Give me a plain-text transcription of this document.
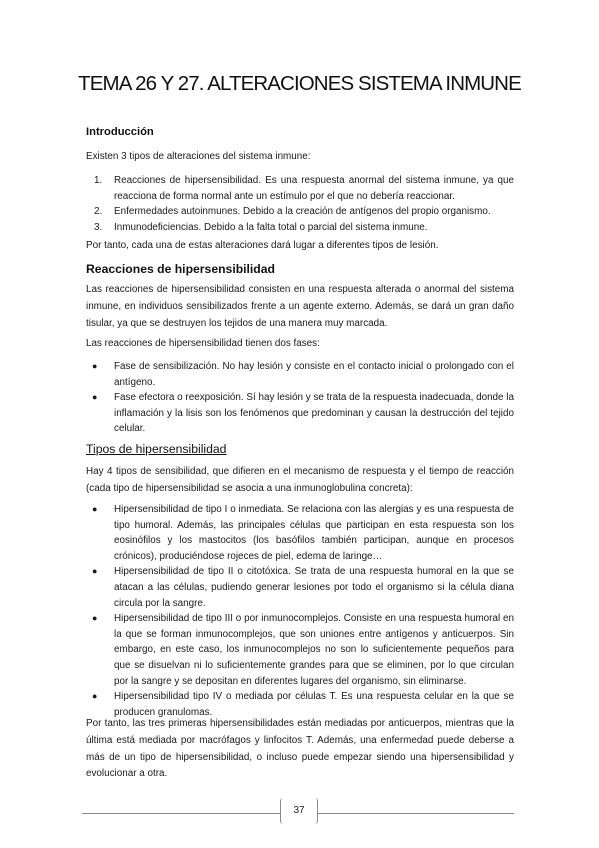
TEMA 26 Y 27. ALTERACIONES SISTEMA INMUNE
Introducción
Existen 3 tipos de alteraciones del sistema inmune:
1. Reacciones de hipersensibilidad. Es una respuesta anormal del sistema inmune, ya que reacciona de forma normal ante un estímulo por el que no debería reaccionar.
2. Enfermedades autoinmunes. Debido a la creación de antígenos del propio organismo.
3. Inmunodeficiencias. Debido a la falta total o parcial del sistema inmune.
Por tanto, cada una de estas alteraciones dará lugar a diferentes tipos de lesión.
Reacciones de hipersensibilidad
Las reacciones de hipersensibilidad consisten en una respuesta alterada o anormal del sistema inmune, en individuos sensibilizados frente a un agente externo. Además, se dará un gran daño tisular, ya que se destruyen los tejidos de una manera muy marcada.
Las reacciones de hipersensibilidad tienen dos fases:
● Fase de sensibilización. No hay lesión y consiste en el contacto inicial o prolongado con el antígeno.
● Fase efectora o reexposición. Sí hay lesión y se trata de la respuesta inadecuada, donde la inflamación y la lisis son los fenómenos que predominan y causan la destrucción del tejido celular.
Tipos de hipersensibilidad
Hay 4 tipos de sensibilidad, que difieren en el mecanismo de respuesta y el tiempo de reacción (cada tipo de hipersensibilidad se asocia a una inmunoglobulina concreta):
● Hipersensibilidad de tipo I o inmediata. Se relaciona con las alergias y es una respuesta de tipo humoral. Además, las principales células que participan en esta respuesta son los eosinófilos y los mastocitos (los basófilos también participan, aunque en procesos crónicos), produciéndose rojeces de piel, edema de laringe…
● Hipersensibilidad de tipo II o citotóxica. Se trata de una respuesta humoral en la que se atacan a las células, pudiendo generar lesiones por todo el organismo si la célula diana circula por la sangre.
● Hipersensibilidad de tipo III o por inmunocomplejos. Consiste en una respuesta humoral en la que se forman inmunocomplejos, que son uniones entre antígenos y anticuerpos. Sin embargo, en este caso, los inmunocomplejos no son lo suficientemente pequeños para que se disuelvan ni lo suficientemente grandes para que se eliminen, por lo que circulan por la sangre y se depositan en diferentes lugares del organismo, sin eliminarse.
● Hipersensibilidad tipo IV o mediada por células T. Es una respuesta celular en la que se producen granulomas.
Por tanto, las tres primeras hipersensibilidades están mediadas por anticuerpos, mientras que la última está mediada por macrófagos y linfocitos T. Además, una enfermedad puede deberse a más de un tipo de hipersensibilidad, o incluso puede empezar siendo una hipersensibilidad y evolucionar a otra.
37
